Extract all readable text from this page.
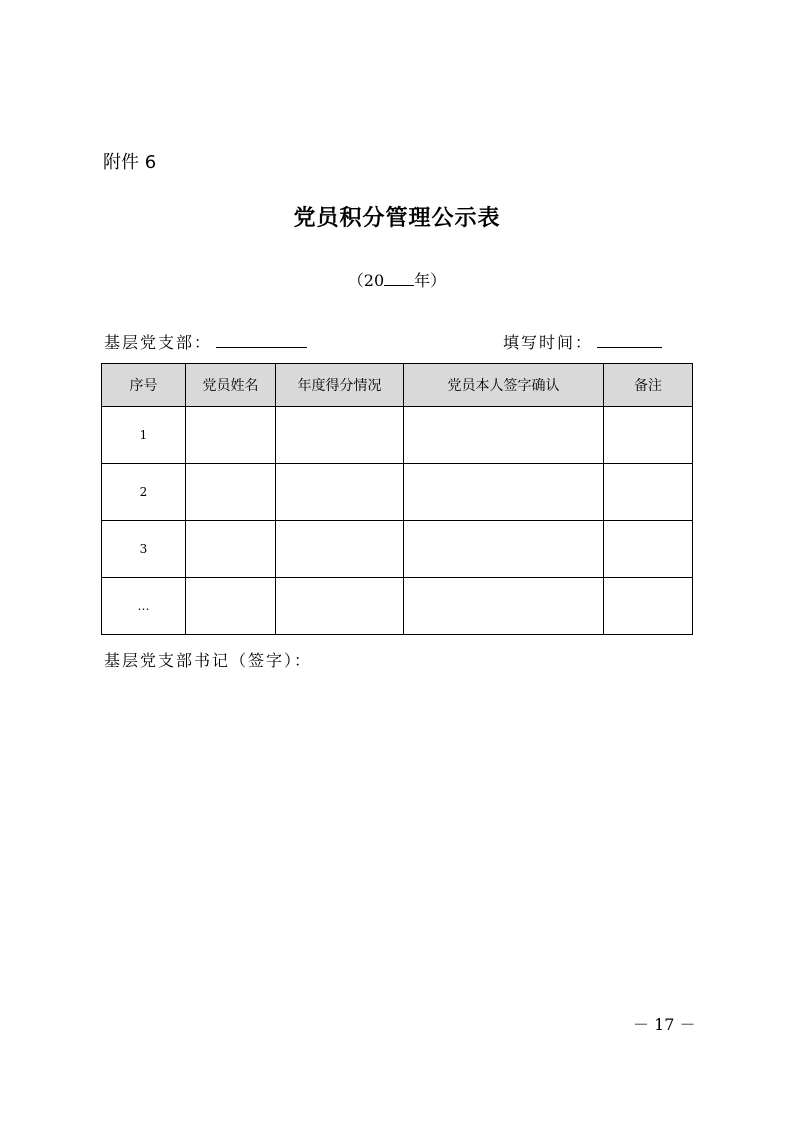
附件 6
党员积分管理公示表
（20 年）
基层党支部：	填写时间：
序号	党员姓名	年度得分情况	党员本人签字确认	备注
1				
2				
3				
…				
基层党支部书记（签字）：
－ 17 －
